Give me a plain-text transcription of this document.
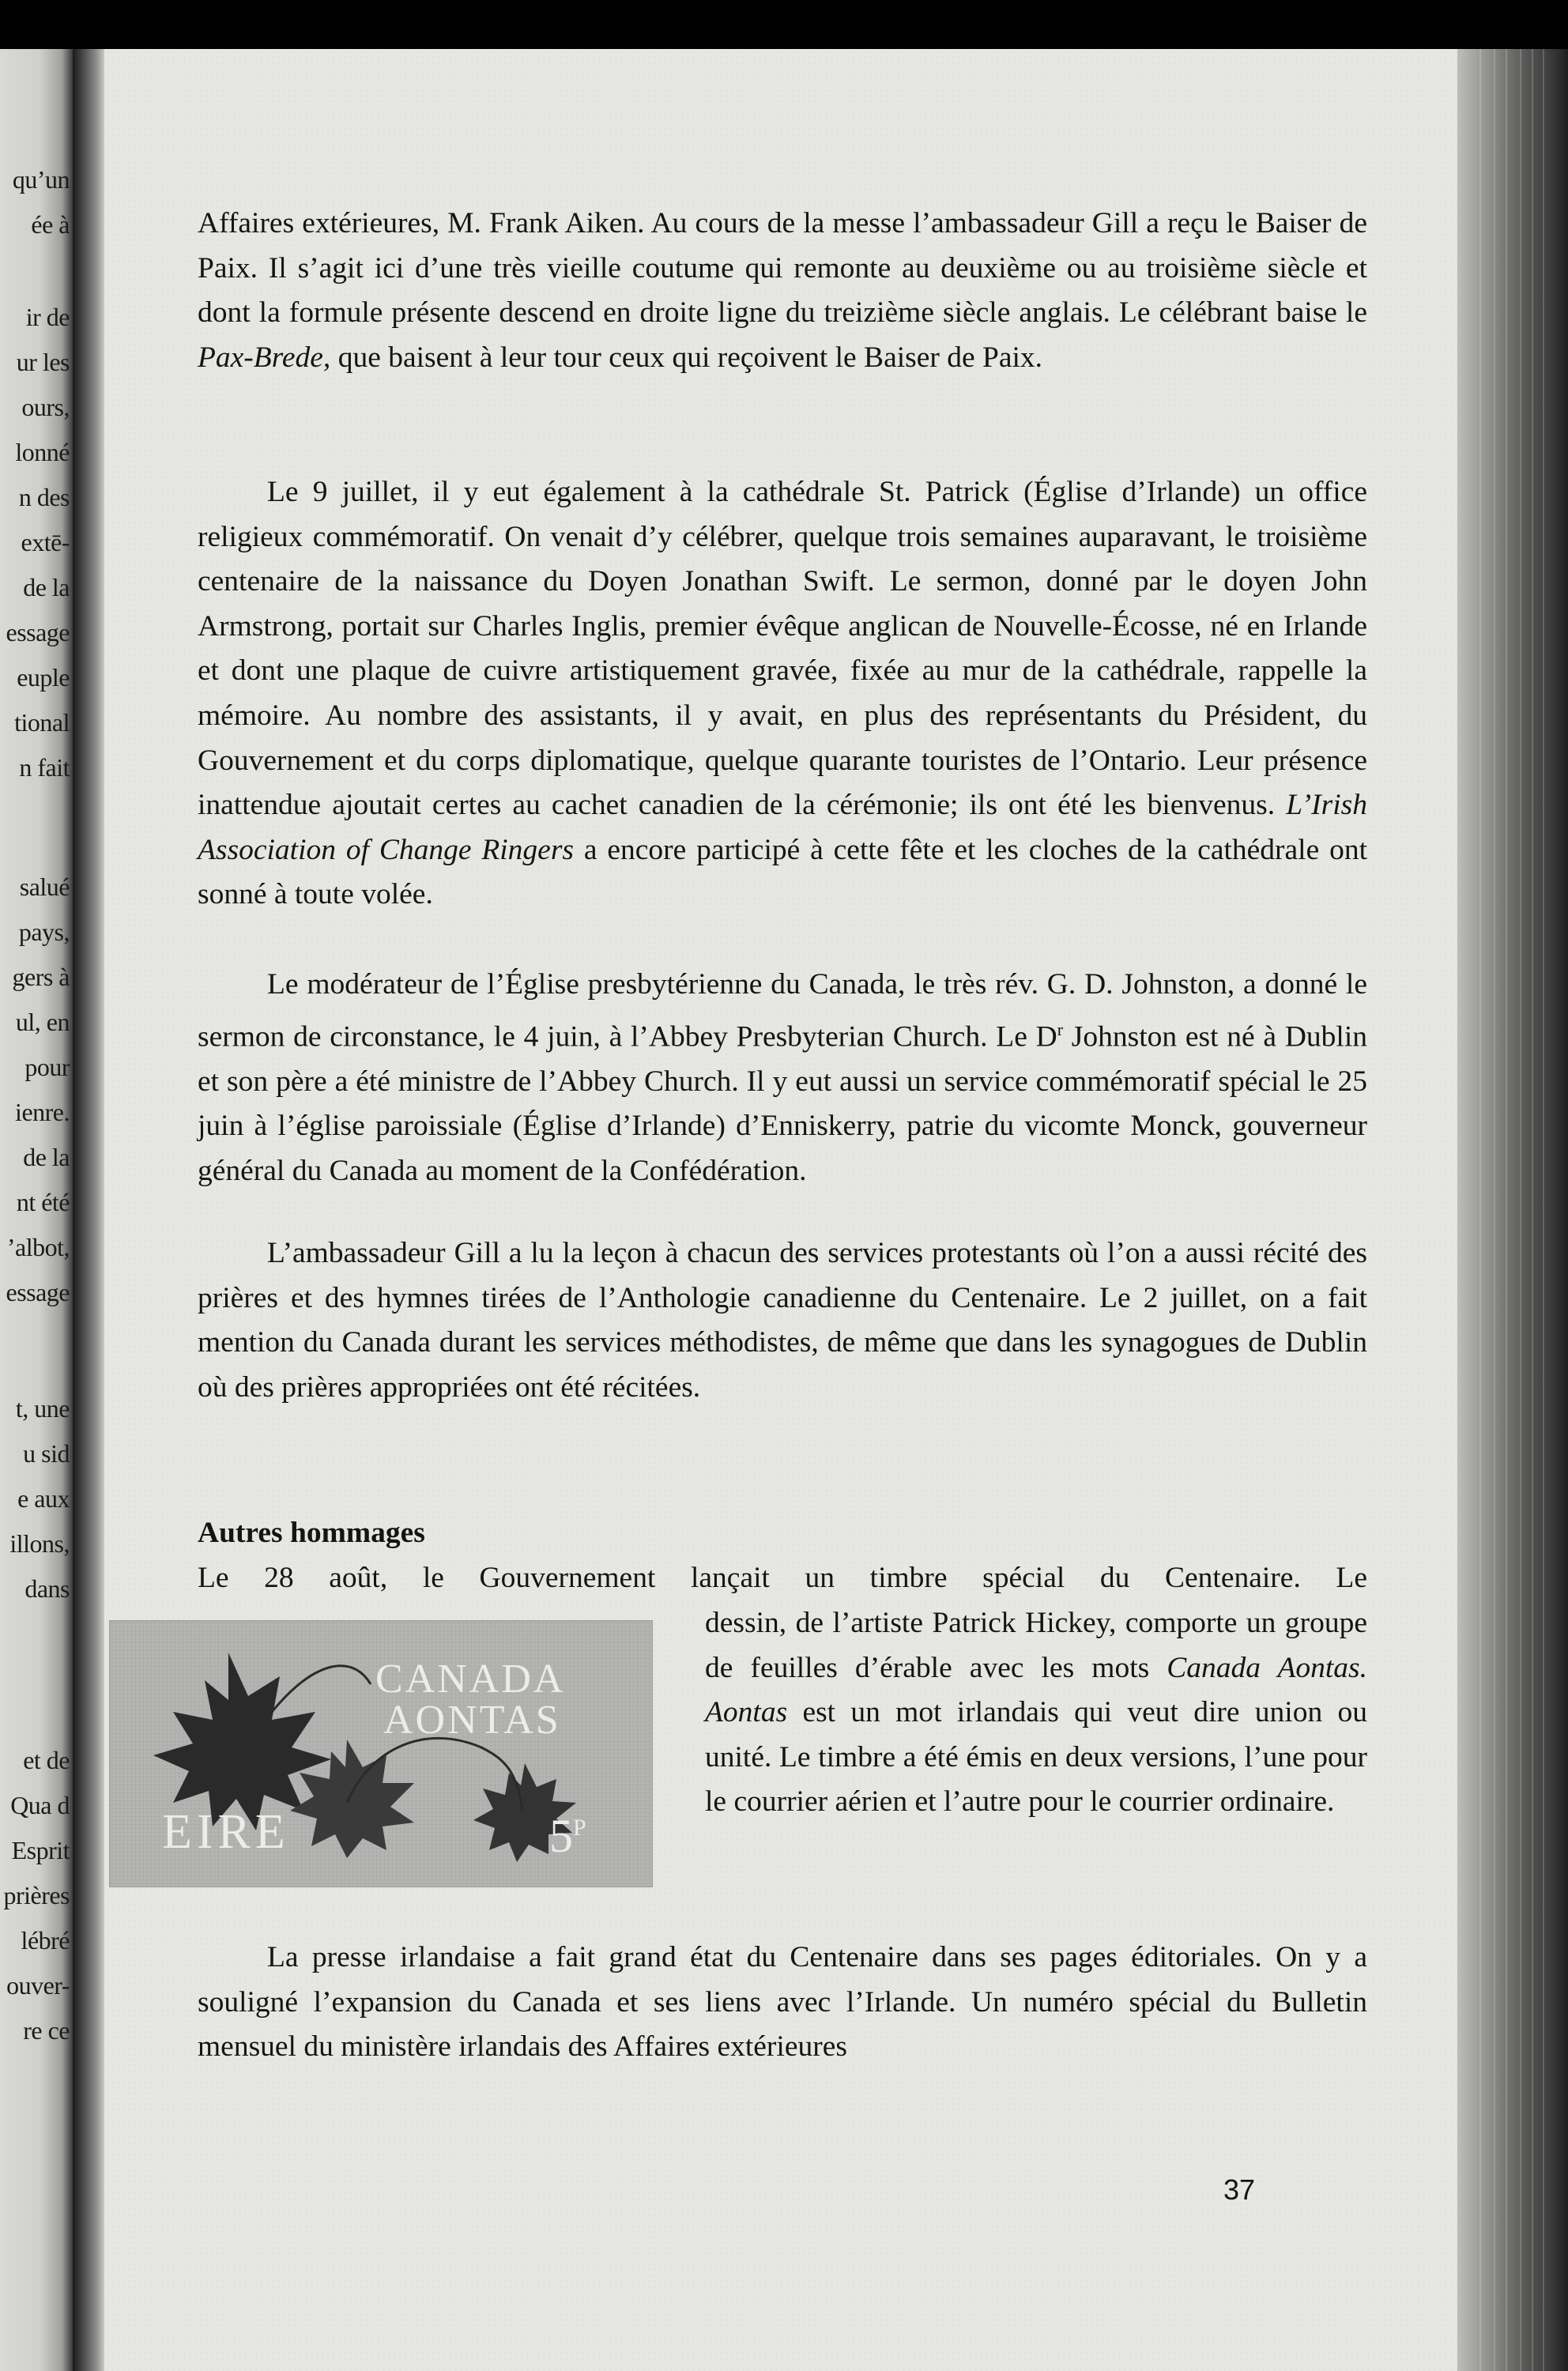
qu’un
ée à
ir de
ur les
ours,
lonné
n des
extē-
de la
essage
euple
tional
n fait
salué
pays,
gers à
ul, en
pour
ienre.
de la
nt été
’albot,
essage
t, une
u sid
e aux
illons,
dans
et de
Qua d
Esprit
prières
lébré
ouver-
re ce

Affaires extérieures, M. Frank Aiken. Au cours de la messe l’ambassadeur Gill a reçu le Baiser de Paix. Il s’agit ici d’une très vieille coutume qui remonte au deuxième ou au troisième siècle et dont la formule présente descend en droite ligne du treizième siècle anglais. Le célébrant baise le Pax-Brede, que baisent à leur tour ceux qui reçoivent le Baiser de Paix.

Le 9 juillet, il y eut également à la cathédrale St. Patrick (Église d’Irlande) un office religieux commémoratif. On venait d’y célébrer, quelque trois semaines auparavant, le troisième centenaire de la naissance du Doyen Jonathan Swift. Le sermon, donné par le doyen John Armstrong, portait sur Charles Inglis, premier évêque anglican de Nouvelle-Écosse, né en Irlande et dont une plaque de cuivre artistiquement gravée, fixée au mur de la cathédrale, rappelle la mémoire. Au nombre des assistants, il y avait, en plus des représentants du Président, du Gouvernement et du corps diplomatique, quelque quarante touristes de l’Ontario. Leur présence inattendue ajoutait certes au cachet canadien de la cérémonie; ils ont été les bienvenus. L’Irish Association of Change Ringers a encore participé à cette fête et les cloches de la cathédrale ont sonné à toute volée.

Le modérateur de l’Église presbytérienne du Canada, le très rév. G. D. Johnston, a donné le sermon de circonstance, le 4 juin, à l’Abbey Presbyterian Church. Le $D^r$ Johnston est né à Dublin et son père a été ministre de l’Abbey Church. Il y eut aussi un service commémoratif spécial le 25 juin à l’église paroissiale (Église d’Irlande) d’Enniskerry, patrie du vicomte Monck, gouverneur général du Canada au moment de la Confédération.

L’ambassadeur Gill a lu la leçon à chacun des services protestants où l’on a aussi récité des prières et des hymnes tirées de l’Anthologie canadienne du Centenaire. Le 2 juillet, on a fait mention du Canada durant les services méthodistes, de même que dans les synagogues de Dublin où des prières appropriées ont été récitées.

Autres hommages
Le 28 août, le Gouvernement lançait un timbre spécial du Centenaire. Le
CANADA
AONTAS
EIRE	$5^P$
dessin, de l’artiste Patrick Hickey, comporte un groupe de feuilles d’érable avec les mots Canada Aontas. Aontas est un mot irlandais qui veut dire union ou unité. Le timbre a été émis en deux versions, l’une pour le courrier aérien et l’autre pour le courrier ordinaire.

La presse irlandaise a fait grand état du Centenaire dans ses pages éditoriales. On y a souligné l’expansion du Canada et ses liens avec l’Irlande. Un numéro spécial du Bulletin mensuel du ministère irlandais des Affaires extérieures

37
